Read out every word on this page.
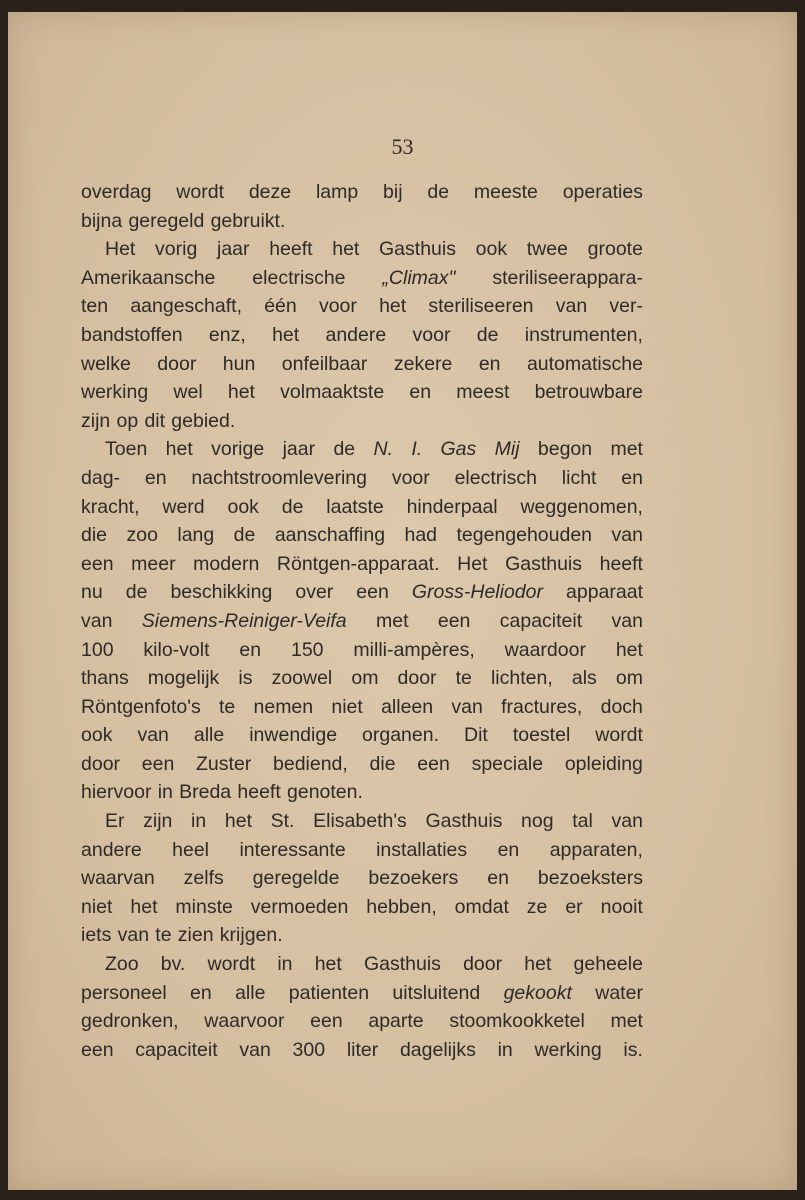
53
overdag wordt deze lamp bij de meeste operaties
bijna geregeld gebruikt.
Het vorig jaar heeft het Gasthuis ook twee groote
Amerikaansche electrische „Climax" steriliseerappara-
ten aangeschaft, één voor het steriliseeren van ver-
bandstoffen enz, het andere voor de instrumenten,
welke door hun onfeilbaar zekere en automatische
werking wel het volmaaktste en meest betrouwbare
zijn op dit gebied.
Toen het vorige jaar de N. I. Gas Mij begon met
dag- en nachtstroomlevering voor electrisch licht en
kracht, werd ook de laatste hinderpaal weggenomen,
die zoo lang de aanschaffing had tegengehouden van
een meer modern Röntgen-apparaat. Het Gasthuis heeft
nu de beschikking over een Gross-Heliodor apparaat
van Siemens-Reiniger-Veifa met een capaciteit van
100 kilo-volt en 150 milli-ampères, waardoor het
thans mogelijk is zoowel om door te lichten, als om
Röntgenfoto's te nemen niet alleen van fractures, doch
ook van alle inwendige organen. Dit toestel wordt
door een Zuster bediend, die een speciale opleiding
hiervoor in Breda heeft genoten.
Er zijn in het St. Elisabeth's Gasthuis nog tal van
andere heel interessante installaties en apparaten,
waarvan zelfs geregelde bezoekers en bezoeksters
niet het minste vermoeden hebben, omdat ze er nooit
iets van te zien krijgen.
Zoo bv. wordt in het Gasthuis door het geheele
personeel en alle patienten uitsluitend gekookt water
gedronken, waarvoor een aparte stoomkookketel met
een capaciteit van 300 liter dagelijks in werking is.
